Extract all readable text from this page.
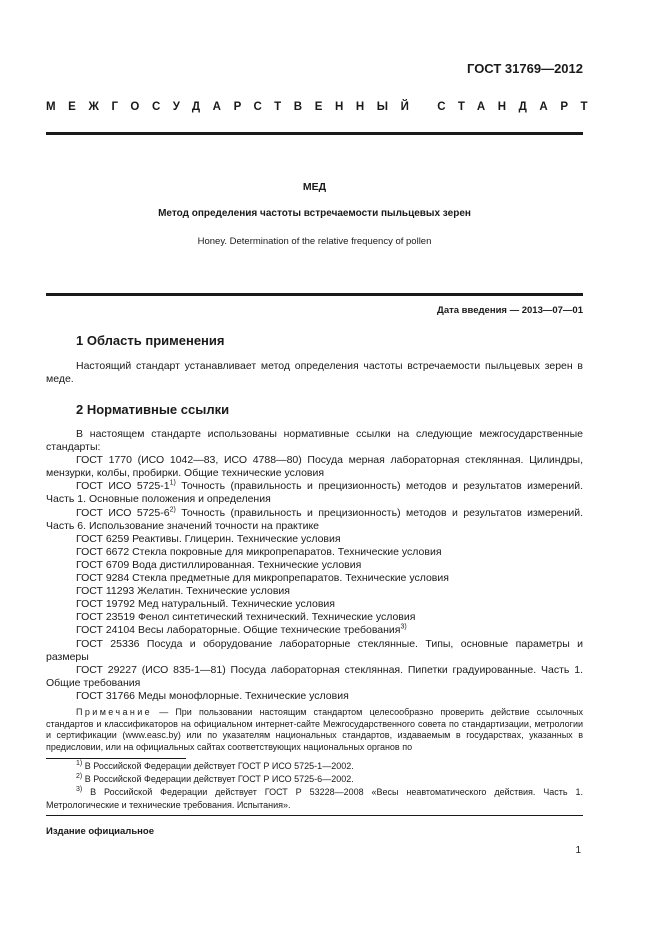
ГОСТ 31769—2012
МЕЖГОСУДАРСТВЕННЫЙ СТАНДАРТ
МЕД
Метод определения частоты встречаемости пыльцевых зерен
Honey. Determination of the relative frequency of pollen
Дата введения — 2013—07—01
1 Область применения
Настоящий стандарт устанавливает метод определения частоты встречаемости пыльцевых зерен в меде.
2 Нормативные ссылки

В настоящем стандарте использованы нормативные ссылки на следующие межгосударственные стандарты:

ГОСТ 1770 (ИСО 1042—83, ИСО 4788—80) Посуда мерная лабораторная стеклянная. Цилиндры, мензурки, колбы, пробирки. Общие технические условия

ГОСТ ИСО 5725-1$^{1)}$ Точность (правильность и прецизионность) методов и результатов измерений. Часть 1. Основные положения и определения

ГОСТ ИСО 5725-6$^{2)}$ Точность (правильность и прецизионность) методов и результатов измерений. Часть 6. Использование значений точности на практике

ГОСТ 6259 Реактивы. Глицерин. Технические условия

ГОСТ 6672 Стекла покровные для микропрепаратов. Технические условия

ГОСТ 6709 Вода дистиллированная. Технические условия

ГОСТ 9284 Стекла предметные для микропрепаратов. Технические условия

ГОСТ 11293 Желатин. Технические условия

ГОСТ 19792 Мед натуральный. Технические условия

ГОСТ 23519 Фенол синтетический технический. Технические условия

ГОСТ 24104 Весы лабораторные. Общие технические требования$^{3)}$

ГОСТ 25336 Посуда и оборудование лабораторные стеклянные. Типы, основные параметры и размеры

ГОСТ 29227 (ИСО 835-1—81) Посуда лабораторная стеклянная. Пипетки градуированные. Часть 1. Общие требования

ГОСТ 31766 Меды монофлорные. Технические условия

Примечание — При пользовании настоящим стандартом целесообразно проверить действие ссылочных стандартов и классификаторов на официальном интернет-сайте Межгосударственного совета по стандартизации, метрологии и сертификации (www.easc.by) или по указателям национальных стандартов, издаваемым в государствах, указанных в предисловии, или на официальных сайтах соответствующих национальных органов по

$^{1)}$ В Российской Федерации действует ГОСТ Р ИСО 5725-1—2002.

$^{2)}$ В Российской Федерации действует ГОСТ Р ИСО 5725-6—2002.

$^{3)}$ В Российской Федерации действует ГОСТ Р 53228—2008 «Весы неавтоматического действия. Часть 1. Метрологические и технические требования. Испытания».

Издание официальное
1
